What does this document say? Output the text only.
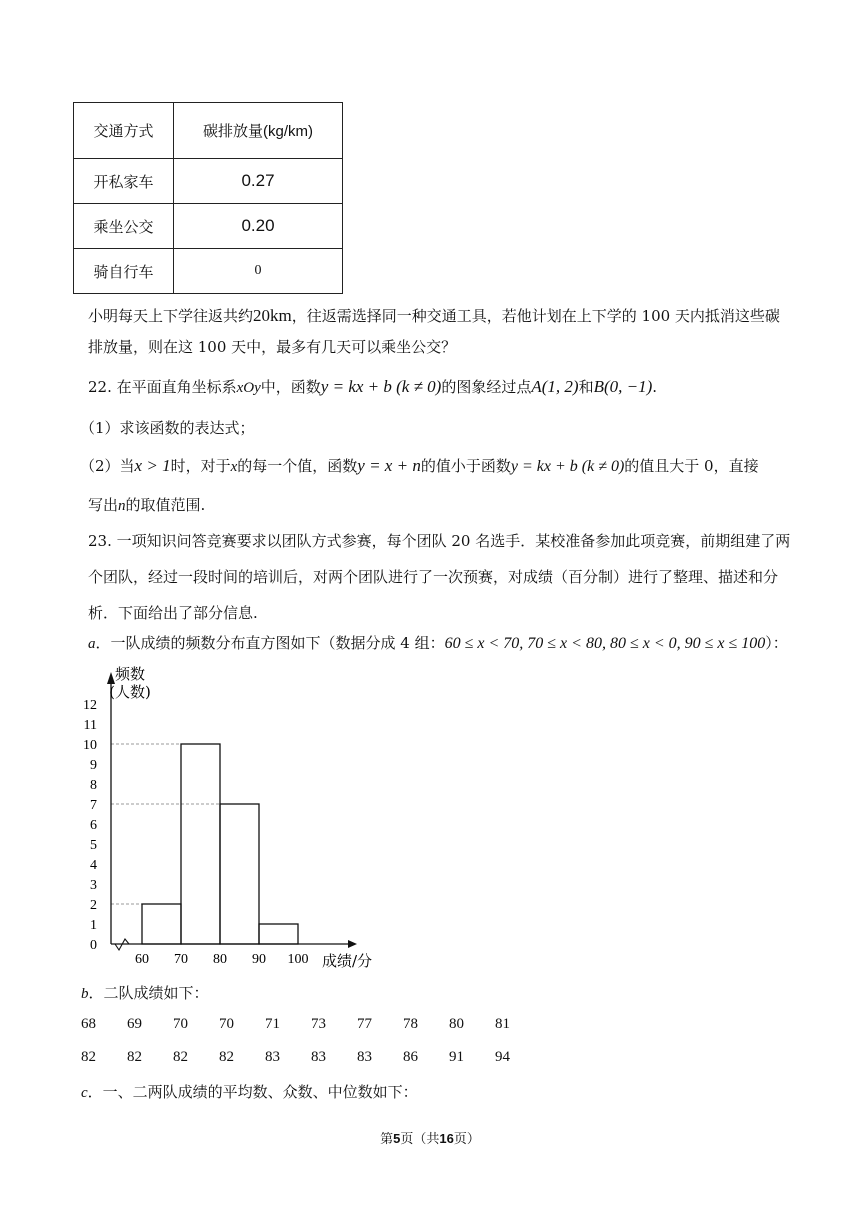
交通方式	碳排放量(kg/km)
开私家车	0.27
乘坐公交	0.20
骑自行车	0
小明每天上下学往返共约20km，往返需选择同一种交通工具，若他计划在上下学的 100 天内抵消这些碳
排放量，则在这 100 天中，最多有几天可以乘坐公交？
22. 在平面直角坐标系xOy中，函数y = kx + b (k ≠ 0)的图象经过点A(1, 2)和B(0, −1).
（1）求该函数的表达式；
（2）当x > 1时，对于x的每一个值，函数y = x + n的值小于函数y = kx + b (k ≠ 0)的值且大于 0，直接
写出n的取值范围.
23. 一项知识问答竞赛要求以团队方式参赛，每个团队 20 名选手．某校准备参加此项竞赛，前期组建了两
个团队，经过一段时间的培训后，对两个团队进行了一次预赛，对成绩（百分制）进行了整理、描述和分
析．下面给出了部分信息.
a．一队成绩的频数分布直方图如下（数据分成 4 组：60 ≤ x < 70, 70 ≤ x < 80, 80 ≤ x < 0, 90 ≤ x ≤ 100）：
0
1
2
3
4
5
6
7
8
9
10
11
12
60 70 80 90 100
频数
(人数)
成绩/分
b．二队成绩如下：
68	69	70	70	71	73	77	78	80	81
82	82	82	82	83	83	83	86	91	94
c．一、二两队成绩的平均数、众数、中位数如下：
第5页（共16页）
